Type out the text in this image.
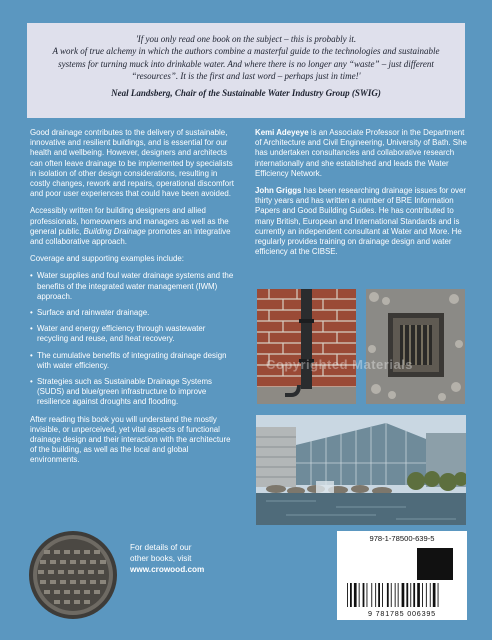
'If you only read one book on the subject – this is probably it.

A work of true alchemy in which the authors combine a masterful guide to the technologies and sustainable systems for turning muck into drinkable water. And where there is no longer any “waste” – just different “resources”. It is the first and last word – perhaps just in time!'

Neal Landsberg, Chair of the Sustainable Water Industry Group (SWIG)

Good drainage contributes to the delivery of sustainable, innovative and resilient buildings, and is essential for our health and wellbeing. However, designers and architects can often leave drainage to be implemented by specialists in isolation of other design considerations, resulting in costly changes, rework and repairs, operational discomfort and poor user experiences that could have been avoided.

Accessibly written for building designers and allied professionals, homeowners and managers as well as the general public, Building Drainage promotes an integrative and collaborative approach.

Coverage and supporting examples include:

• Water supplies and foul water drainage systems and the benefits of the integrated water management (IWM) approach.
• Surface and rainwater drainage.
• Water and energy efficiency through wastewater recycling and reuse, and heat recovery.
• The cumulative benefits of integrating drainage design with water efficiency.
• Strategies such as Sustainable Drainage Systems (SUDS) and blue/green infrastructure to improve resilience against droughts and flooding.

After reading this book you will understand the mostly invisible, or unperceived, yet vital aspects of functional drainage design and their interaction with the architecture of the building, as well as the local and global environments.

Kemi Adeyeye is an Associate Professor in the Department of Architecture and Civil Engineering, University of Bath. She has undertaken consultancies and collaborative research internationally and she established and leads the Water Efficiency Network.

John Griggs has been researching drainage issues for over thirty years and has written a number of BRE Information Papers and Good Building Guides. He has contributed to many British, European and International Standards and is currently an independent consultant at Water and More. He regularly provides training on drainage design and water efficiency at the CIBSE.

Copyrighted Materials
For details of our
other books, visit
www.crowood.com
978-1-78500-639-5
9 781785 006395
